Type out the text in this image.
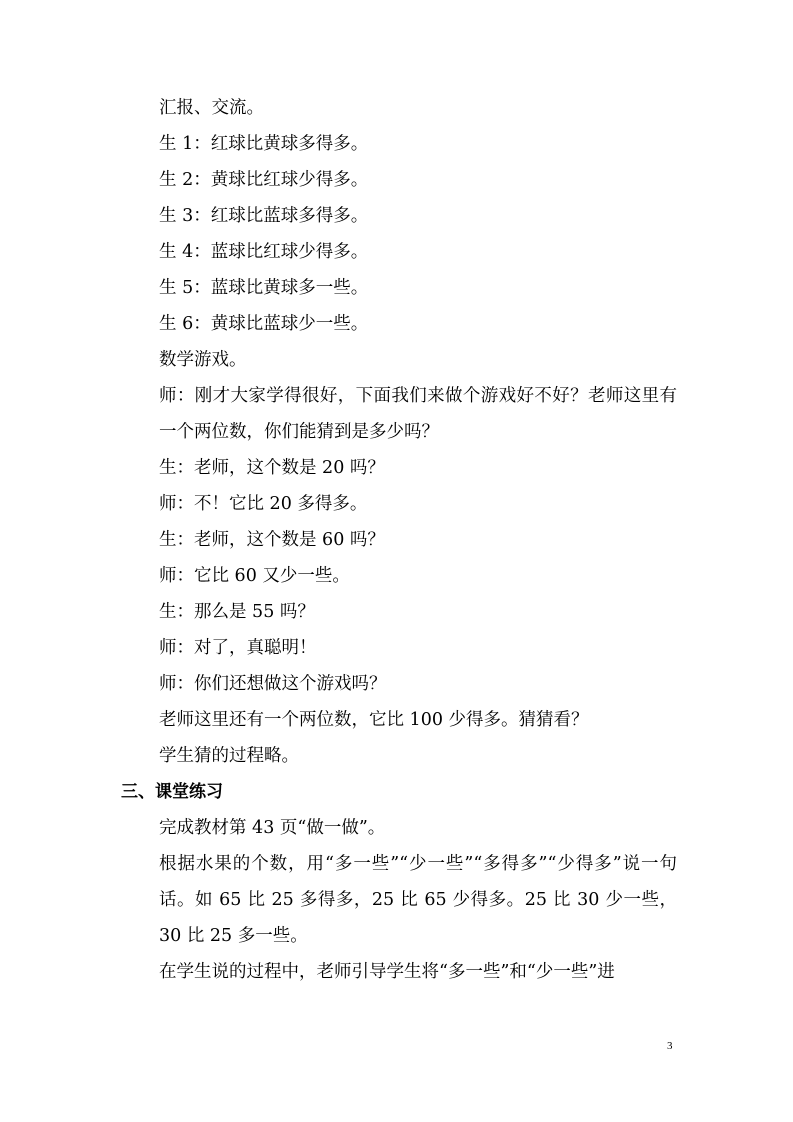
汇报、交流。

生 1：红球比黄球多得多。

生 2：黄球比红球少得多。

生 3：红球比蓝球多得多。

生 4：蓝球比红球少得多。

生 5：蓝球比黄球多一些。

生 6：黄球比蓝球少一些。

数学游戏。

师：刚才大家学得很好，下面我们来做个游戏好不好？老师这里有一个两位数，你们能猜到是多少吗？

生：老师，这个数是 20 吗？

师：不！它比 20 多得多。

生：老师，这个数是 60 吗？

师：它比 60 又少一些。

生：那么是 55 吗？

师：对了，真聪明！

师：你们还想做这个游戏吗？

老师这里还有一个两位数，它比 100 少得多。猜猜看？

学生猜的过程略。

三、课堂练习

完成教材第 43 页“做一做”。

根据水果的个数，用“多一些”“少一些”“多得多”“少得多”说一句话。如 65 比 25 多得多，25 比 65 少得多。25 比 30 少一些，30 比 25 多一些。

在学生说的过程中，老师引导学生将“多一些”和“少一些”进

3
